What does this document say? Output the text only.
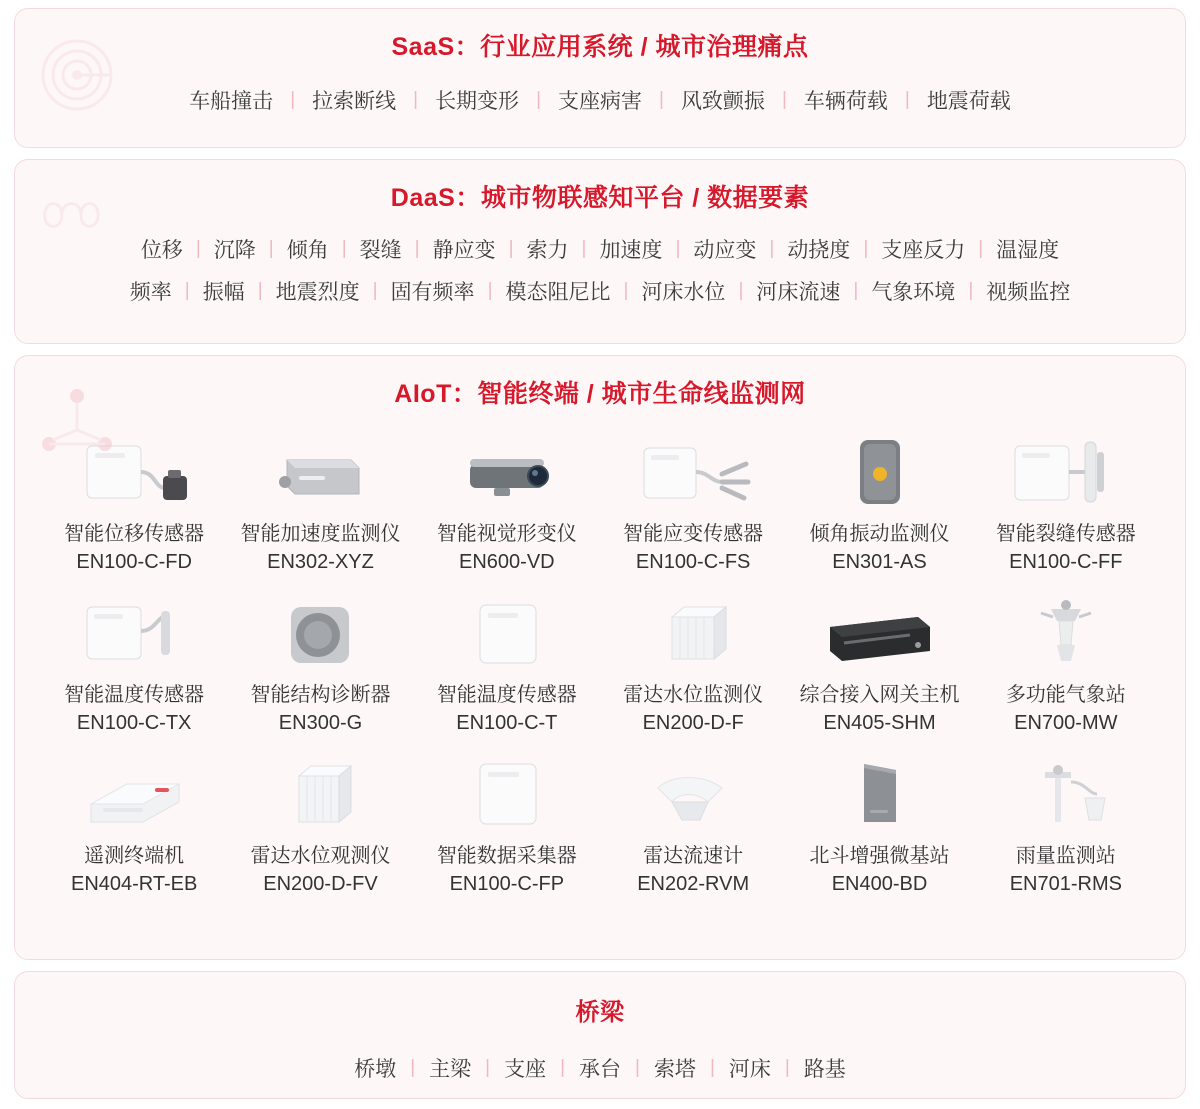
SaaS：行业应用系统 / 城市治理痛点
车船撞击 | 拉索断线 | 长期变形 | 支座病害 | 风致颤振 | 车辆荷载 | 地震荷载
DaaS：城市物联感知平台 / 数据要素
位移 | 沉降 | 倾角 | 裂缝 | 静应变 | 索力 | 加速度 | 动应变 | 动挠度 | 支座反力 | 温湿度
频率 | 振幅 | 地震烈度 | 固有频率 | 模态阻尼比 | 河床水位 | 河床流速 | 气象环境 | 视频监控
AIoT：智能终端 / 城市生命线监测网
智能位移传感器
EN100-C-FD
智能加速度监测仪
EN302-XYZ
智能视觉形变仪
EN600-VD
智能应变传感器
EN100-C-FS
倾角振动监测仪
EN301-AS
智能裂缝传感器
EN100-C-FF
智能温度传感器
EN100-C-TX
智能结构诊断器
EN300-G
智能温度传感器
EN100-C-T
雷达水位监测仪
EN200-D-F
综合接入网关主机
EN405-SHM
多功能气象站
EN700-MW
遥测终端机
EN404-RT-EB
雷达水位观测仪
EN200-D-FV
智能数据采集器
EN100-C-FP
雷达流速计
EN202-RVM
北斗增强微基站
EN400-BD
雨量监测站
EN701-RMS
桥梁
桥墩 | 主梁 | 支座 | 承台 | 索塔 | 河床 | 路基
